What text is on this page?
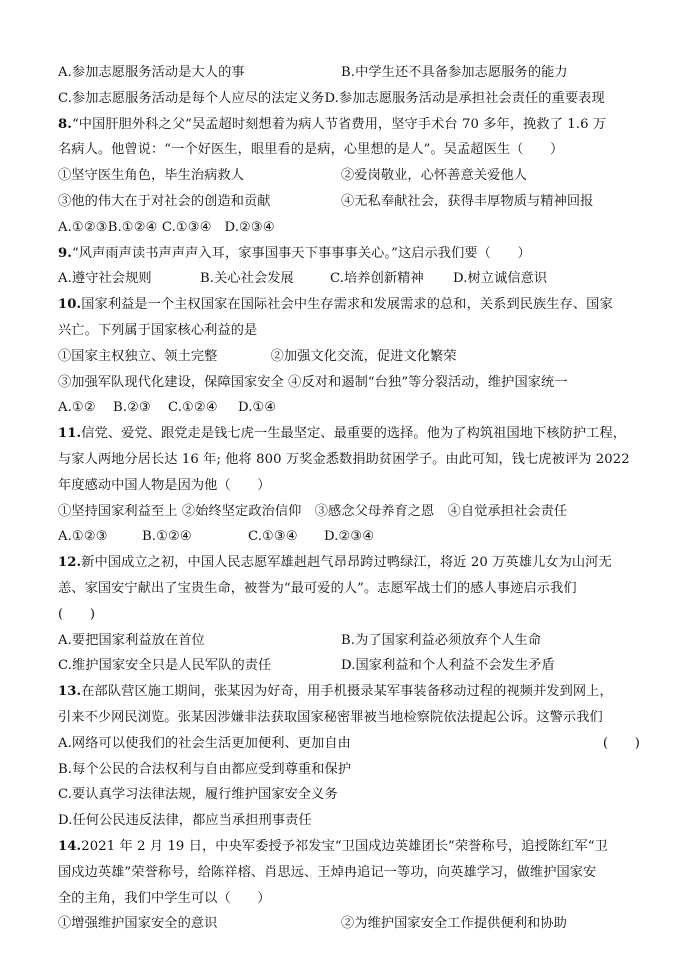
A.参加志愿服务活动是大人的事	B.中学生还不具备参加志愿服务的能力
C.参加志愿服务活动是每个人应尽的法定义务D.参加志愿服务活动是承担社会责任的重要表现
8.“中国肝胆外科之父”吴孟超时刻想着为病人节省费用，坚守手术台 70 多年，挽救了 1.6 万
名病人。他曾说：“一个好医生，眼里看的是病，心里想的是人”。吴孟超医生（　　）
①坚守医生角色，毕生治病救人	②爱岗敬业，心怀善意关爱他人
③他的伟大在于对社会的创造和贡献	④无私奉献社会，获得丰厚物质与精神回报
A.①②③B.①②④ C.①③④ D.②③④
9.“风声雨声读书声声声入耳，家事国事天下事事事关心。”这启示我们要（　　）
A.遵守社会规则	B.关心社会发展	C.培养创新精神 D.树立诚信意识
10.国家利益是一个主权国家在国际社会中生存需求和发展需求的总和，关系到民族生存、国家
兴亡。下列属于国家核心利益的是
①国家主权独立、领土完整　　　　②加强文化交流，促进文化繁荣
③加强军队现代化建设，保障国家安全 ④反对和遏制“台独”等分裂活动，维护国家统一
A.①② B.②③ C.①②④ D.①④
11.信党、爱党、跟党走是钱七虎一生最坚定、最重要的选择。他为了构筑祖国地下核防护工程，
与家人两地分居长达 16 年; 他将 800 万奖金悉数捐助贫困学子。由此可知，钱七虎被评为 2022
年度感动中国人物是因为他（　　）
①坚持国家利益至上 ②始终坚定政治信仰　③感念父母养育之恩　④自觉承担社会责任
A.①②③	B.①②④	C.①③④ D.②③④
12.新中国成立之初，中国人民志愿军雄赳赳气昂昂跨过鸭绿江，将近 20 万英雄儿女为山河无
恙、家国安宁献出了宝贵生命，被誉为“最可爱的人”。志愿军战士们的感人事迹启示我们
(　　)
A.要把国家利益放在首位	B.为了国家利益必须放弃个人生命
C.维护国家安全只是人民军队的责任	D.国家利益和个人利益不会发生矛盾
13.在部队营区施工期间，张某因为好奇，用手机摄录某军事装备移动过程的视频并发到网上，
引来不少网民浏览。张某因涉嫌非法获取国家秘密罪被当地检察院依法提起公诉。这警示我们
A.网络可以使我们的社会生活更加便利、更加自由	(　　)
B.每个公民的合法权利与自由都应受到尊重和保护
C.要认真学习法律法规，履行维护国家安全义务
D.任何公民违反法律，都应当承担刑事责任
14.2021 年 2 月 19 日，中央军委授予祁发宝“卫国戍边英雄团长”荣誉称号，追授陈红军“卫
国戍边英雄”荣誉称号，给陈祥榕、肖思远、王焯冉追记一等功，向英雄学习，做维护国家安
全的主角，我们中学生可以（　　）
①增强维护国家安全的意识	②为维护国家安全工作提供便利和协助
